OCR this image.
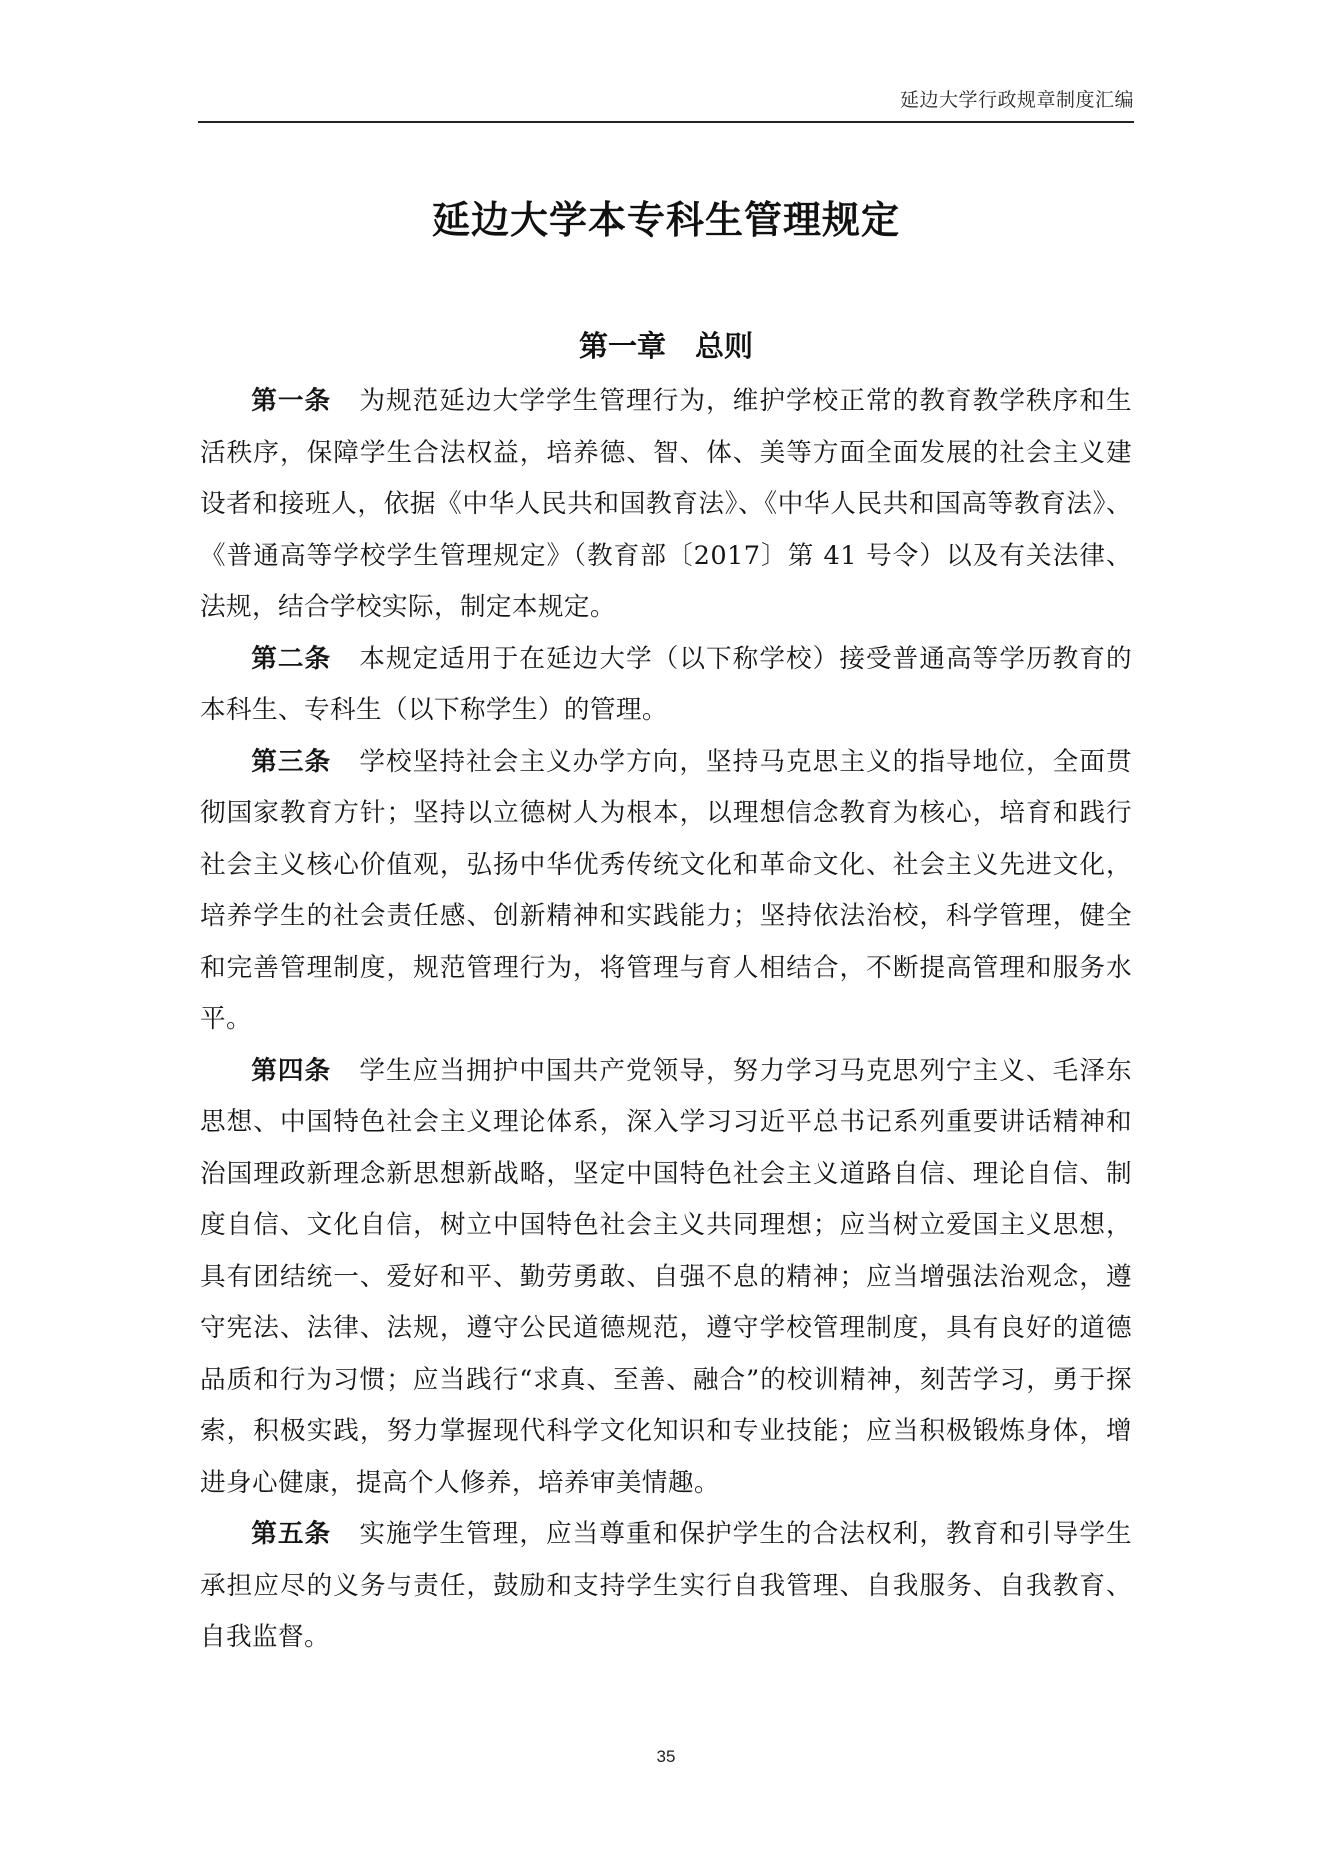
延边大学行政规章制度汇编
延边大学本专科生管理规定
第一章　总则

第一条 为规范延边大学学生管理行为，维护学校正常的教育教学秩序和生活秩序，保障学生合法权益，培养德、智、体、美等方面全面发展的社会主义建设者和接班人，依据《中华人民共和国教育法》、《中华人民共和国高等教育法》、《普通高等学校学生管理规定》（教育部〔2017〕第 41 号令）以及有关法律、法规，结合学校实际，制定本规定。

第二条 本规定适用于在延边大学（以下称学校）接受普通高等学历教育的本科生、专科生（以下称学生）的管理。

第三条 学校坚持社会主义办学方向，坚持马克思主义的指导地位，全面贯彻国家教育方针；坚持以立德树人为根本，以理想信念教育为核心，培育和践行社会主义核心价值观，弘扬中华优秀传统文化和革命文化、社会主义先进文化，培养学生的社会责任感、创新精神和实践能力；坚持依法治校，科学管理，健全和完善管理制度，规范管理行为，将管理与育人相结合，不断提高管理和服务水平。

第四条 学生应当拥护中国共产党领导，努力学习马克思列宁主义、毛泽东思想、中国特色社会主义理论体系，深入学习习近平总书记系列重要讲话精神和治国理政新理念新思想新战略，坚定中国特色社会主义道路自信、理论自信、制度自信、文化自信，树立中国特色社会主义共同理想；应当树立爱国主义思想，具有团结统一、爱好和平、勤劳勇敢、自强不息的精神；应当增强法治观念，遵守宪法、法律、法规，遵守公民道德规范，遵守学校管理制度，具有良好的道德品质和行为习惯；应当践行“求真、至善、融合”的校训精神，刻苦学习，勇于探索，积极实践，努力掌握现代科学文化知识和专业技能；应当积极锻炼身体，增进身心健康，提高个人修养，培养审美情趣。

第五条 实施学生管理，应当尊重和保护学生的合法权利，教育和引导学生承担应尽的义务与责任，鼓励和支持学生实行自我管理、自我服务、自我教育、自我监督。

35
